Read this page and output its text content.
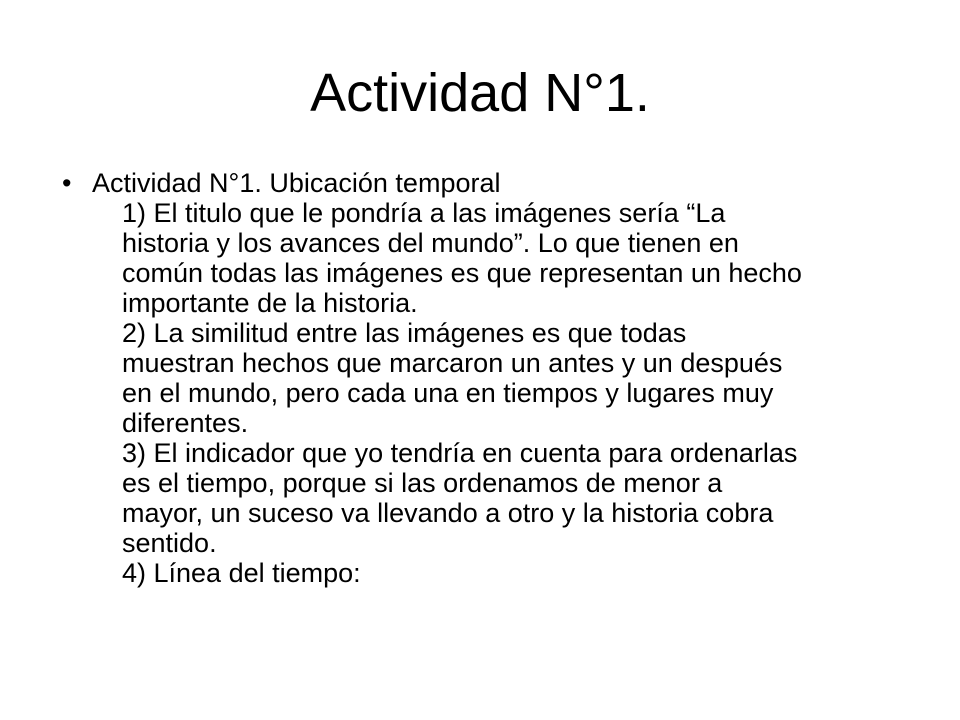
Actividad N°1.
• Actividad N°1. Ubicación temporal
1) El titulo que le pondría a las imágenes sería “La
historia y los avances del mundo”. Lo que tienen en
común todas las imágenes es que representan un hecho
importante de la historia.
2) La similitud entre las imágenes es que todas
muestran hechos que marcaron un antes y un después
en el mundo, pero cada una en tiempos y lugares muy
diferentes.
3) El indicador que yo tendría en cuenta para ordenarlas
es el tiempo, porque si las ordenamos de menor a
mayor, un suceso va llevando a otro y la historia cobra
sentido.
4) Línea del tiempo:
